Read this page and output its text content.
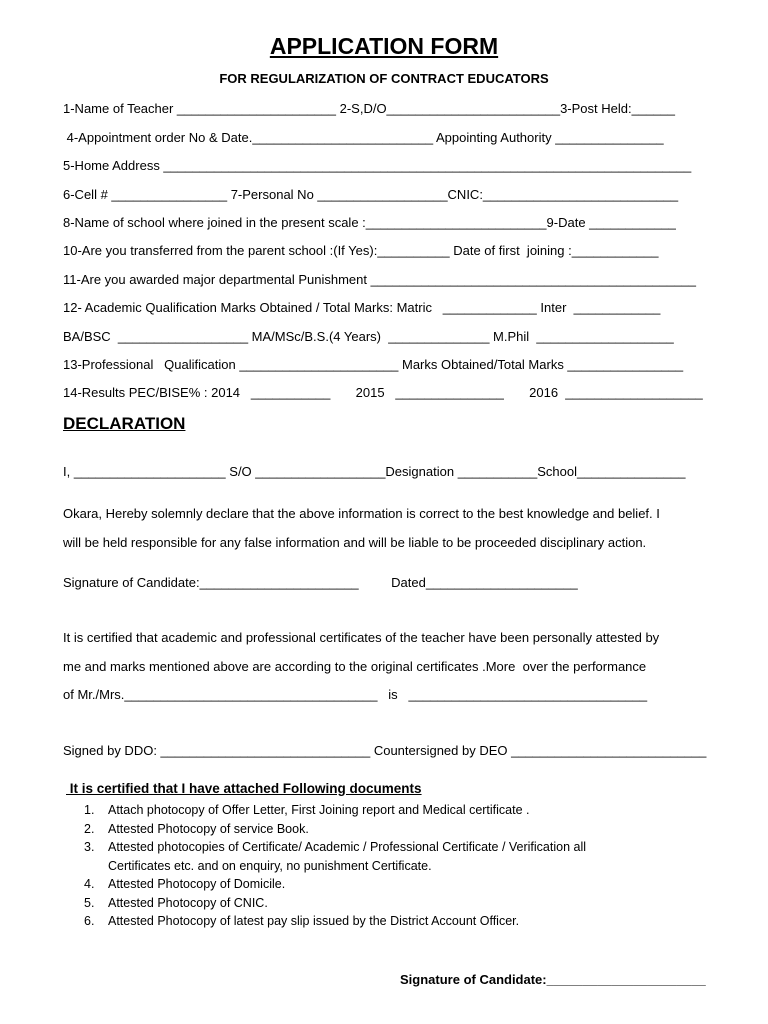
APPLICATION FORM
FOR REGULARIZATION OF CONTRACT EDUCATORS
1-Name of Teacher ______________________ 2-S,D/O________________________3-Post Held:______
4-Appointment order No & Date._________________________ Appointing Authority _______________
5-Home Address _________________________________________________________________________
6-Cell # ________________ 7-Personal No __________________CNIC:___________________________
8-Name of school where joined in the present scale :_________________________9-Date ____________
10-Are you transferred from the parent school :(If Yes):__________ Date of first  joining :____________
11-Are you awarded major departmental Punishment _____________________________________________
12- Academic Qualification Marks Obtained / Total Marks: Matric   _____________ Inter  ____________
BA/BSC  __________________ MA/MSc/B.S.(4 Years)  ______________ M.Phil  ___________________
13-Professional   Qualification ______________________ Marks Obtained/Total Marks ________________
14-Results PEC/BISE% : 2014   ___________       2015   _______________       2016  ___________________
DECLARATION
I, _____________________ S/O __________________Designation ___________School_______________
Okara, Hereby solemnly declare that the above information is correct to the best knowledge and belief. I
will be held responsible for any false information and will be liable to be proceeded disciplinary action.
Signature of Candidate:______________________         Dated_____________________
It is certified that academic and professional certificates of the teacher have been personally attested by
me and marks mentioned above are according to the original certificates .More  over the performance
of Mr./Mrs.___________________________________   is   _________________________________
Signed by DDO: _____________________________ Countersigned by DEO ___________________________
It is certified that I have attached Following documents
1. Attach photocopy of Offer Letter, First Joining report and Medical certificate .
2. Attested Photocopy of service Book.
3. Attested photocopies of Certificate/ Academic / Professional Certificate / Verification all
Certificates etc. and on enquiry, no punishment Certificate.
4. Attested Photocopy of Domicile.
5. Attested Photocopy of CNIC.
6. Attested Photocopy of latest pay slip issued by the District Account Officer.
Signature of Candidate:______________________
